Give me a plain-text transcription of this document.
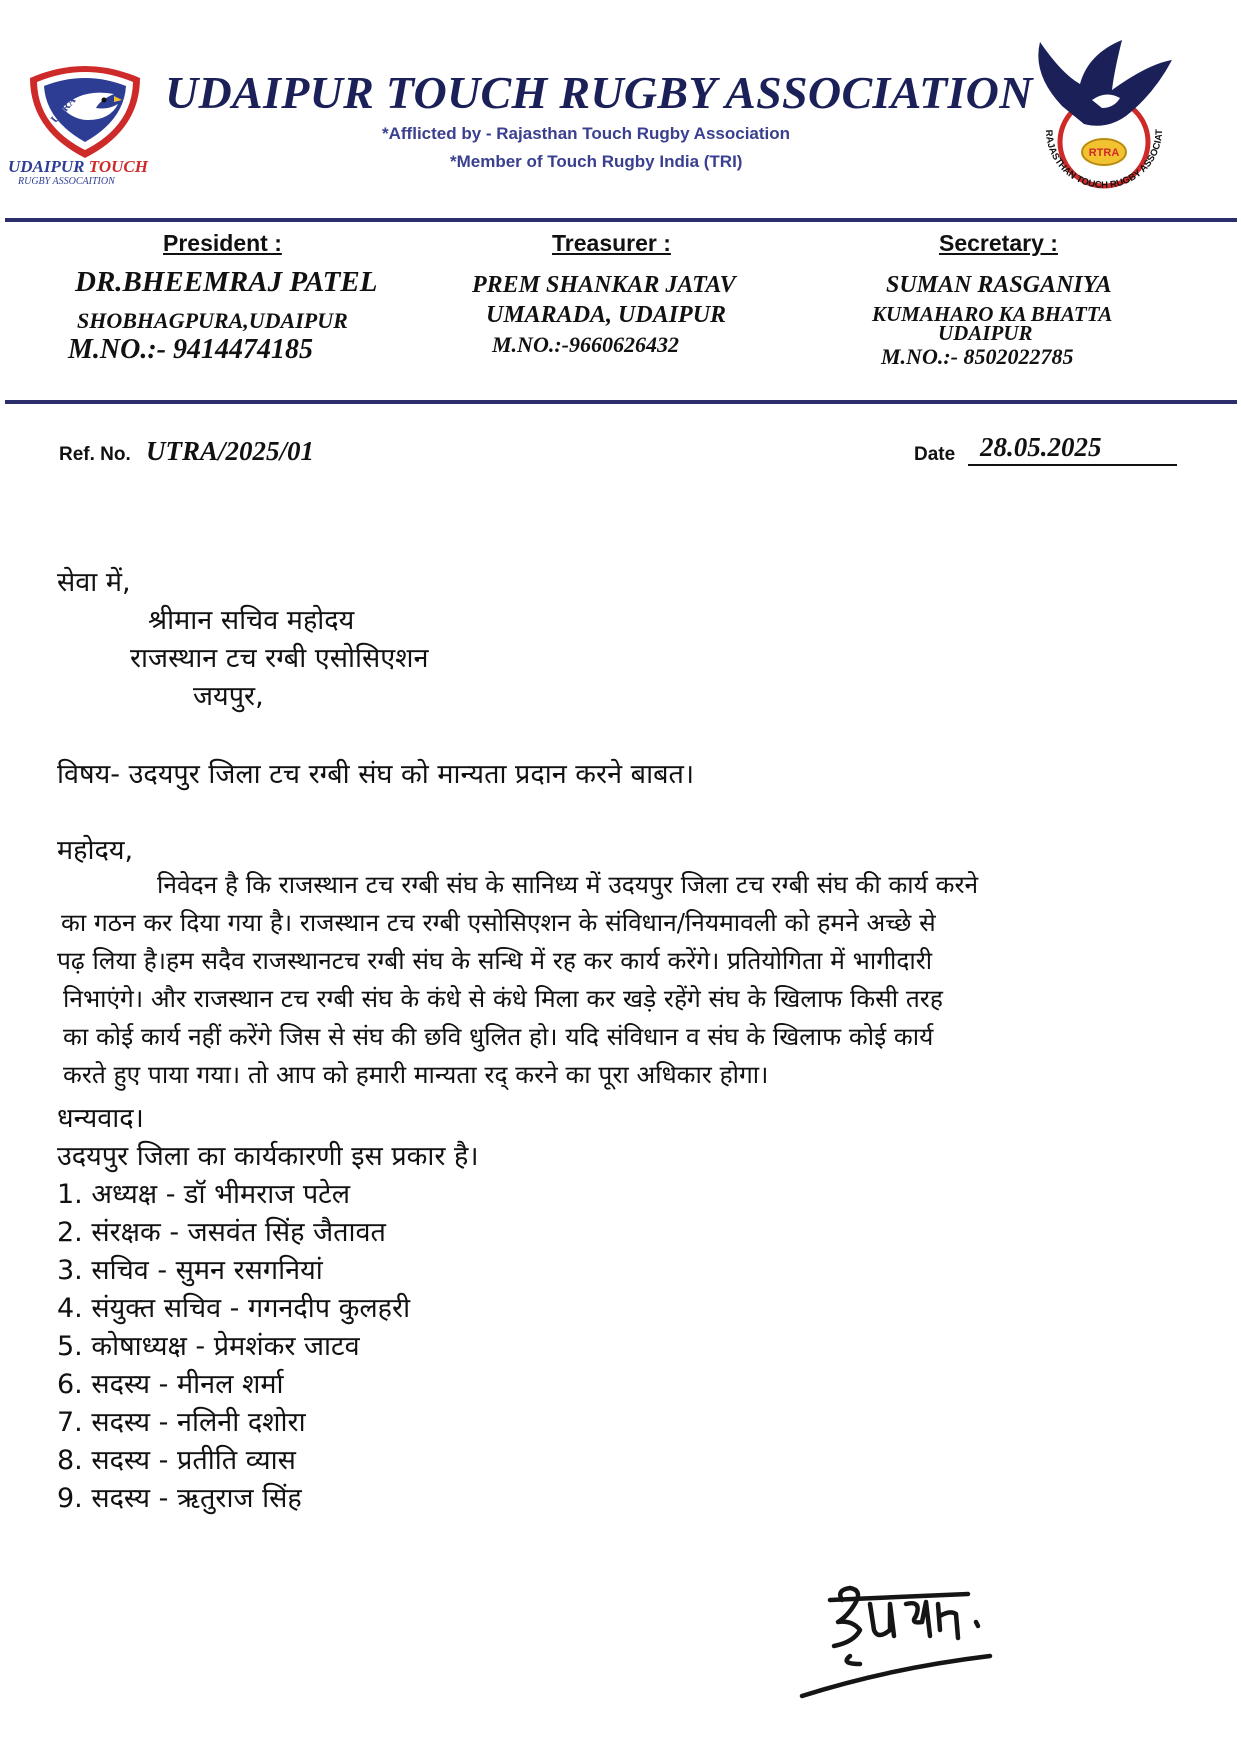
UTRA
UDAIPUR TOUCH
RUGBY ASSOCAITION
UDAIPUR TOUCH RUGBY ASSOCIATION
*Afflicted by - Rajasthan Touch Rugby Association
*Member of Touch Rugby India (TRI)	RTRA
RAJASTHAN TOUCH RUGBY ASSOCIAT
President :
DR.BHEEMRAJ PATEL
SHOBHAGPURA,UDAIPUR
M.NO.:- 9414474185
Treasurer :
PREM SHANKAR JATAV
UMARADA, UDAIPUR
M.NO.:-9660626432
Secretary :
SUMAN RASGANIYA
KUMAHARO KA BHATTA
UDAIPUR
M.NO.:- 8502022785
Ref. No. UTRA/2025/01	Date 28.05.2025
सेवा में,
श्रीमान सचिव महोदय
राजस्थान टच रग्बी एसोसिएशन
जयपुर,
विषय- उदयपुर जिला टच रग्बी संघ को मान्यता प्रदान करने बाबत।
महोदय,
निवेदन है कि राजस्थान टच रग्बी संघ के सानिध्य में उदयपुर जिला टच रग्बी संघ की कार्य करने
का गठन कर दिया गया है। राजस्थान टच रग्बी एसोसिएशन के संविधान/नियमावली को हमने अच्छे से
पढ़ लिया है।हम सदैव राजस्थानटच रग्बी संघ के सन्धि में रह कर कार्य करेंगे। प्रतियोगिता में भागीदारी
निभाएंगे। और राजस्थान टच रग्बी संघ के कंधे से कंधे मिला कर खड़े रहेंगे संघ के खिलाफ किसी तरह
का कोई कार्य नहीं करेंगे जिस से संघ की छवि धुलित हो। यदि संविधान व संघ के खिलाफ कोई कार्य
करते हुए पाया गया। तो आप को हमारी मान्यता रद् करने का पूरा अधिकार होगा।
धन्यवाद।
उदयपुर जिला का कार्यकारणी इस प्रकार है।
1. अध्यक्ष - डॉ भीमराज पटेल
2. संरक्षक - जसवंत सिंह जैतावत
3. सचिव - सुमन रसगनियां
4. संयुक्त सचिव - गगनदीप कुलहरी
5. कोषाध्यक्ष - प्रेमशंकर जाटव
6. सदस्य - मीनल शर्मा
7. सदस्य - नलिनी दशोरा
8. सदस्य - प्रतीति व्यास
9. सदस्य - ऋतुराज सिंह
